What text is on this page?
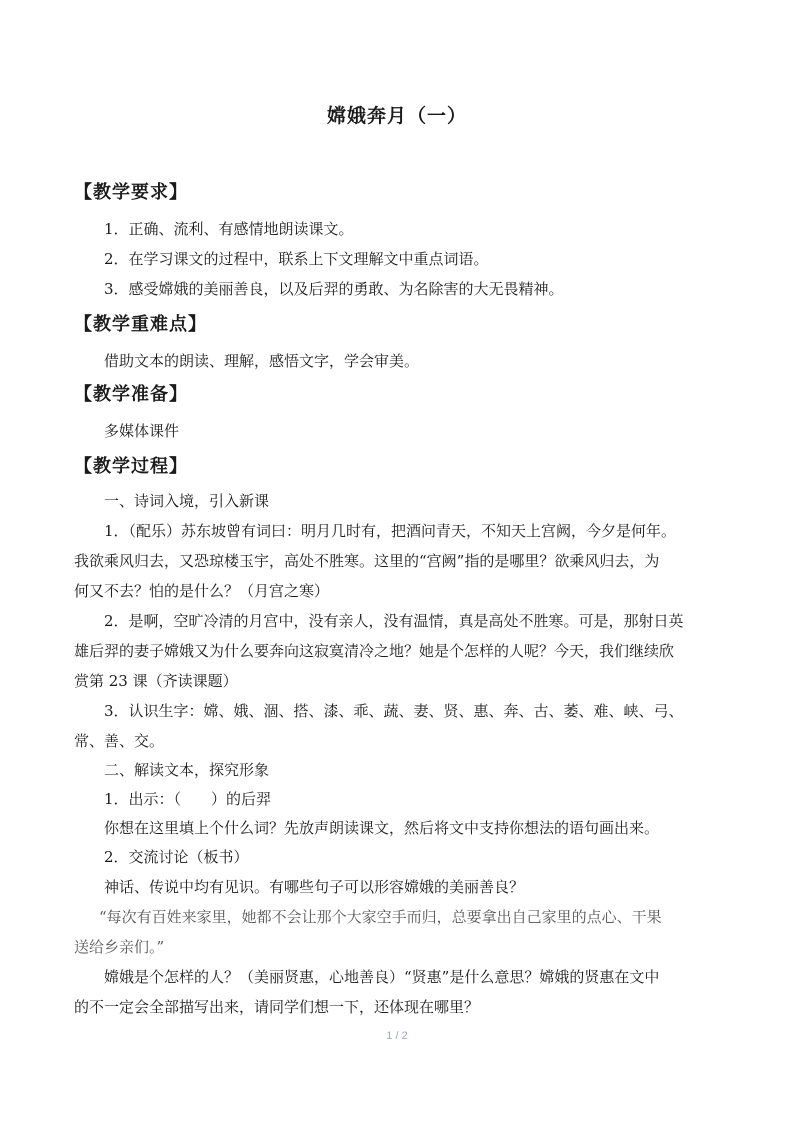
嫦娥奔月（一）
【教学要求】
1．正确、流利、有感情地朗读课文。
2．在学习课文的过程中，联系上下文理解文中重点词语。
3．感受嫦娥的美丽善良，以及后羿的勇敢、为名除害的大无畏精神。
【教学重难点】
借助文本的朗读、理解，感悟文字，学会审美。
【教学准备】
多媒体课件
【教学过程】
一、诗词入境，引入新课
1．（配乐）苏东坡曾有词曰：明月几时有，把酒问青天，不知天上宫阙，今夕是何年。
我欲乘风归去，又恐琼楼玉宇，高处不胜寒。这里的“宫阙”指的是哪里？欲乘风归去，为
何又不去？怕的是什么？（月宫之寒）
2．是啊，空旷冷清的月宫中，没有亲人，没有温情，真是高处不胜寒。可是，那射日英
雄后羿的妻子嫦娥又为什么要奔向这寂寞清冷之地？她是个怎样的人呢？今天，我们继续欣
赏第 23 课（齐读课题）
3．认识生字：嫦、娥、涸、搭、漆、乖、蔬、妻、贤、惠、奔、古、萎、难、峡、弓、
常、善、交。
二、解读文本，探究形象
1．出示：（　　）的后羿
你想在这里填上个什么词？先放声朗读课文，然后将文中支持你想法的语句画出来。
2．交流讨论（板书）
神话、传说中均有见识。有哪些句子可以形容嫦娥的美丽善良？
“每次有百姓来家里，她都不会让那个大家空手而归，总要拿出自己家里的点心、干果
送给乡亲们。”
嫦娥是个怎样的人？（美丽贤惠，心地善良）“贤惠”是什么意思？嫦娥的贤惠在文中
的不一定会全部描写出来，请同学们想一下，还体现在哪里？
1 / 2
